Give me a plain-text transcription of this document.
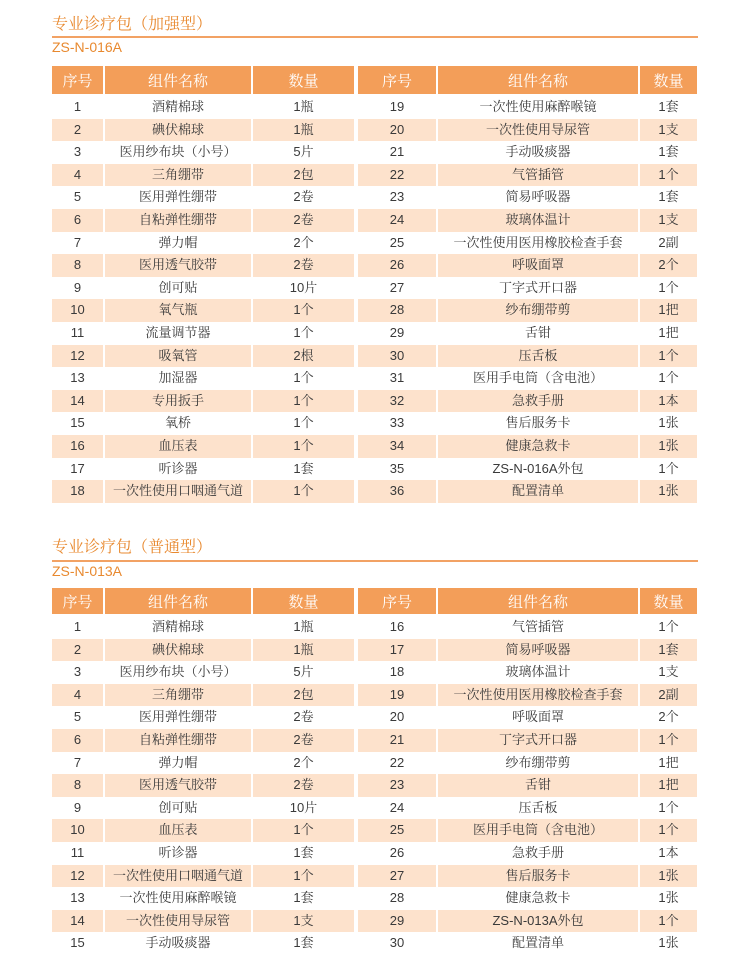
专业诊疗包（加强型）
ZS-N-016A
序号	组件名称	数量
1	酒精棉球	1瓶
2	碘伏棉球	1瓶
3	医用纱布块（小号）	5片
4	三角绷带	2包
5	医用弹性绷带	2卷
6	自粘弹性绷带	2卷
7	弹力帽	2个
8	医用透气胶带	2卷
9	创可贴	10片
10	氧气瓶	1个
11	流量调节器	1个
12	吸氧管	2根
13	加湿器	1个
14	专用扳手	1个
15	氧桥	1个
16	血压表	1个
17	听诊器	1套
18	一次性使用口咽通气道	1个
序号	组件名称	数量
19	一次性使用麻醉喉镜	1套
20	一次性使用导尿管	1支
21	手动吸痰器	1套
22	气管插管	1个
23	简易呼吸器	1套
24	玻璃体温计	1支
25	一次性使用医用橡胶检查手套	2副
26	呼吸面罩	2个
27	丁字式开口器	1个
28	纱布绷带剪	1把
29	舌钳	1把
30	压舌板	1个
31	医用手电筒（含电池）	1个
32	急救手册	1本
33	售后服务卡	1张
34	健康急救卡	1张
35	ZS-N-016A外包	1个
36	配置清单	1张
专业诊疗包（普通型）
ZS-N-013A
序号	组件名称	数量
1	酒精棉球	1瓶
2	碘伏棉球	1瓶
3	医用纱布块（小号）	5片
4	三角绷带	2包
5	医用弹性绷带	2卷
6	自粘弹性绷带	2卷
7	弹力帽	2个
8	医用透气胶带	2卷
9	创可贴	10片
10	血压表	1个
11	听诊器	1套
12	一次性使用口咽通气道	1个
13	一次性使用麻醉喉镜	1套
14	一次性使用导尿管	1支
15	手动吸痰器	1套
序号	组件名称	数量
16	气管插管	1个
17	简易呼吸器	1套
18	玻璃体温计	1支
19	一次性使用医用橡胶检查手套	2副
20	呼吸面罩	2个
21	丁字式开口器	1个
22	纱布绷带剪	1把
23	舌钳	1把
24	压舌板	1个
25	医用手电筒（含电池）	1个
26	急救手册	1本
27	售后服务卡	1张
28	健康急救卡	1张
29	ZS-N-013A外包	1个
30	配置清单	1张
